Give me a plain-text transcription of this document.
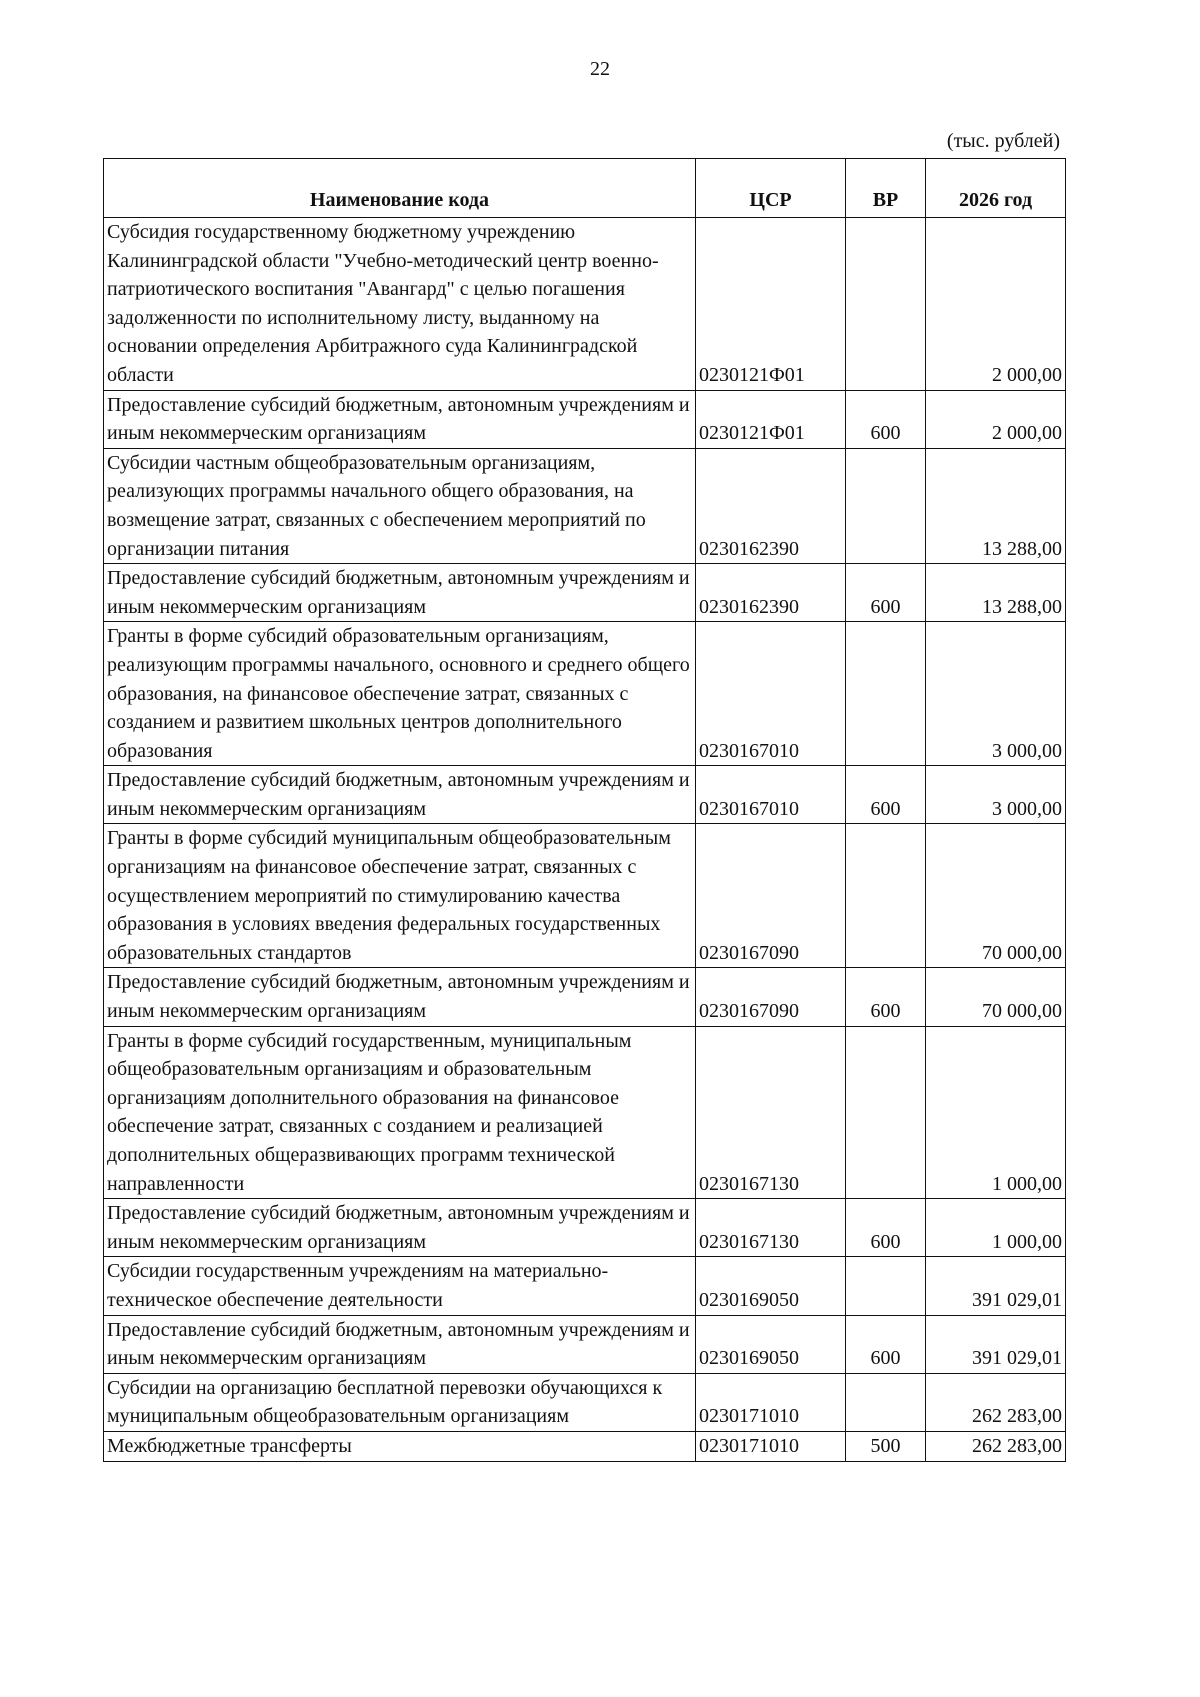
22
(тыс. рублей)
Наименование кода	ЦСР	ВР	2026 год
Субсидия государственному бюджетному учреждению Калининградской области "Учебно-методический центр военно-патриотического воспитания "Авангард" с целью погашения задолженности по исполнительному листу, выданному на основании определения Арбитражного суда Калининградской области	0230121Ф01		2 000,00
Предоставление субсидий бюджетным, автономным учреждениям и иным некоммерческим организациям	0230121Ф01	600	2 000,00
Субсидии частным общеобразовательным организациям, реализующих программы начального общего образования, на возмещение затрат, связанных с обеспечением мероприятий по организации питания	0230162390		13 288,00
Предоставление субсидий бюджетным, автономным учреждениям и иным некоммерческим организациям	0230162390	600	13 288,00
Гранты в форме субсидий образовательным организациям, реализующим программы начального, основного и среднего общего образования, на финансовое обеспечение затрат, связанных с созданием и развитием школьных центров дополнительного образования	0230167010		3 000,00
Предоставление субсидий бюджетным, автономным учреждениям и иным некоммерческим организациям	0230167010	600	3 000,00
Гранты в форме субсидий муниципальным общеобразовательным организациям на финансовое обеспечение затрат, связанных с осуществлением мероприятий по стимулированию качества образования в условиях введения федеральных государственных образовательных стандартов	0230167090		70 000,00
Предоставление субсидий бюджетным, автономным учреждениям и иным некоммерческим организациям	0230167090	600	70 000,00
Гранты в форме субсидий государственным, муниципальным общеобразовательным организациям и образовательным организациям дополнительного образования на финансовое обеспечение затрат, связанных с созданием и реализацией дополнительных общеразвивающих программ технической направленности	0230167130		1 000,00
Предоставление субсидий бюджетным, автономным учреждениям и иным некоммерческим организациям	0230167130	600	1 000,00
Субсидии государственным учреждениям на материально-техническое обеспечение деятельности	0230169050		391 029,01
Предоставление субсидий бюджетным, автономным учреждениям и иным некоммерческим организациям	0230169050	600	391 029,01
Субсидии на организацию бесплатной перевозки обучающихся к муниципальным общеобразовательным организациям	0230171010		262 283,00
Межбюджетные трансферты	0230171010	500	262 283,00
